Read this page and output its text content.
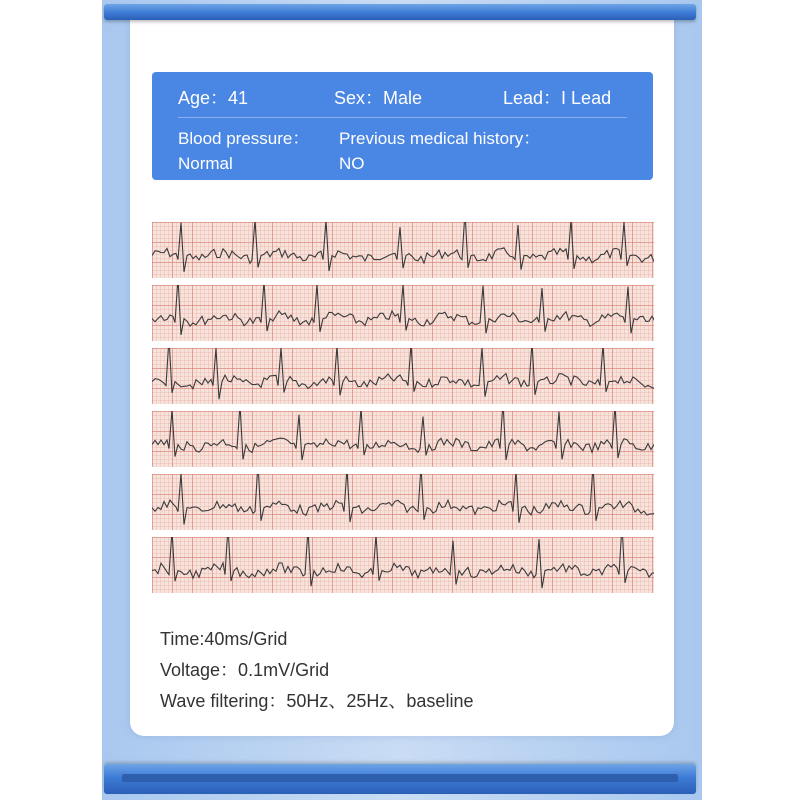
Age：41	Sex：Male	Lead：I Lead
Blood pressure：
Normal
Previous medical history：
NO
Time:40ms/Grid
Voltage：0.1mV/Grid
Wave filtering：50Hz、25Hz、baseline
